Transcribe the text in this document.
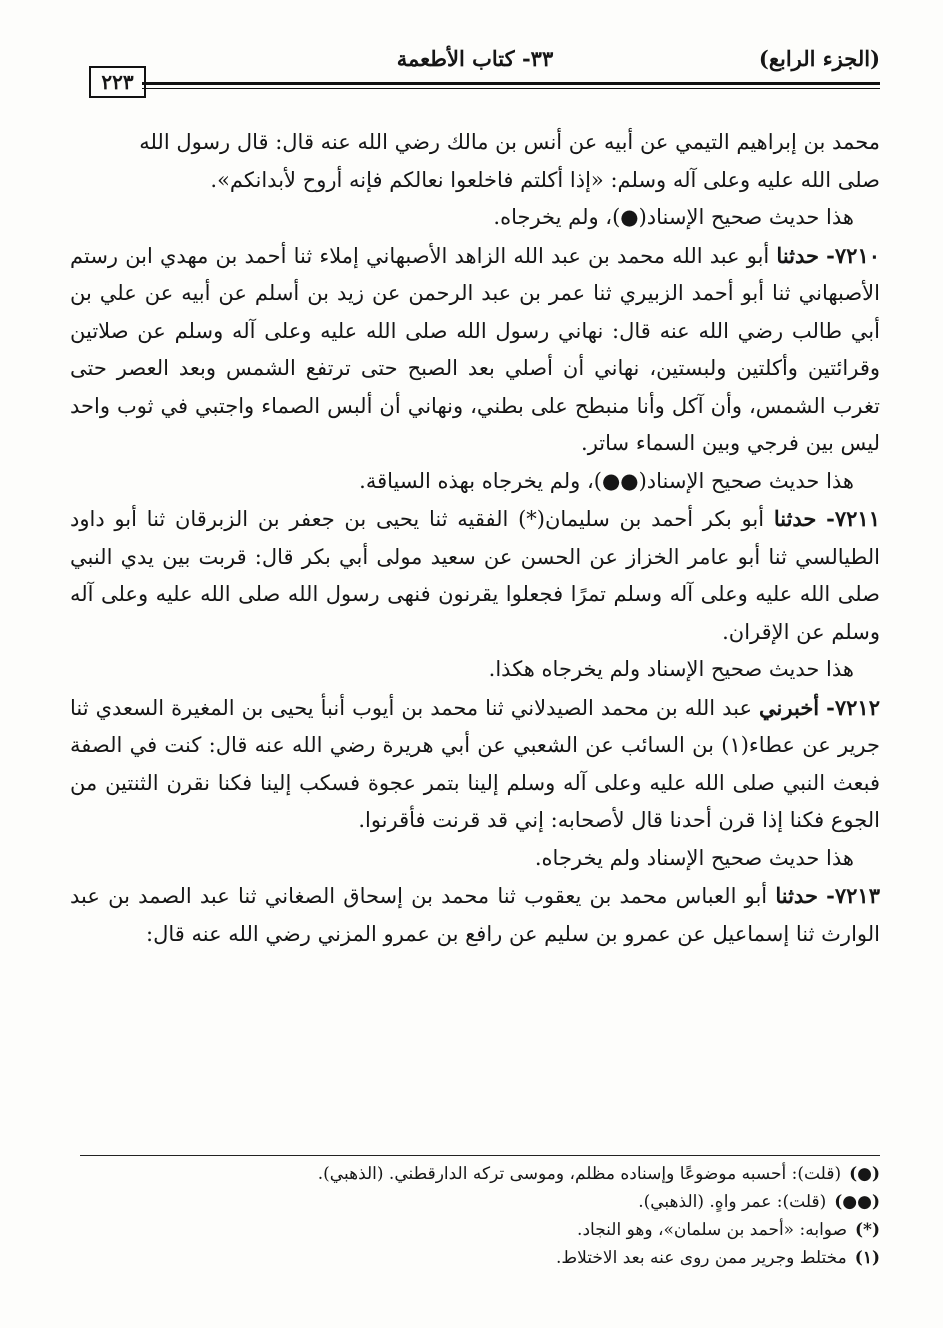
(الجزء الرابع)
٣٣- كتاب الأطعمة
٢٢٣

محمد بن إبراهيم التيمي عن أبيه عن أنس بن مالك رضي الله عنه قال: قال رسول الله

صلى الله عليه وعلى آله وسلم: «إذا أكلتم فاخلعوا نعالكم فإنه أروح لأبدانكم».

هذا حديث صحيح الإسناد(●)، ولم يخرجاه.

٧٢١٠- حدثنا أبو عبد الله محمد بن عبد الله الزاهد الأصبهاني إملاء ثنا أحمد بن مهدي ابن رستم الأصبهاني ثنا أبو أحمد الزبيري ثنا عمر بن عبد الرحمن عن زيد بن أسلم عن أبيه عن علي بن أبي طالب رضي الله عنه قال: نهاني رسول الله صلى الله عليه وعلى آله وسلم عن صلاتين وقرائتين وأكلتين ولبستين، نهاني أن أصلي بعد الصبح حتى ترتفع الشمس وبعد العصر حتى تغرب الشمس، وأن آكل وأنا منبطح على بطني، ونهاني أن ألبس الصماء واجتبي في ثوب واحد ليس بين فرجي وبين السماء ساتر.

هذا حديث صحيح الإسناد(●●)، ولم يخرجاه بهذه السياقة.

٧٢١١- حدثنا أبو بكر أحمد بن سليمان(*) الفقيه ثنا يحيى بن جعفر بن الزبرقان ثنا أبو داود الطيالسي ثنا أبو عامر الخزاز عن الحسن عن سعيد مولى أبي بكر قال: قربت بين يدي النبي صلى الله عليه وعلى آله وسلم تمرًا فجعلوا يقرنون فنهى رسول الله صلى الله عليه وعلى آله وسلم عن الإقران.

هذا حديث صحيح الإسناد ولم يخرجاه هكذا.

٧٢١٢- أخبرني عبد الله بن محمد الصيدلاني ثنا محمد بن أيوب أنبأ يحيى بن المغيرة السعدي ثنا جرير عن عطاء(١) بن السائب عن الشعبي عن أبي هريرة رضي الله عنه قال: كنت في الصفة فبعث النبي صلى الله عليه وعلى آله وسلم إلينا بتمر عجوة فسكب إلينا فكنا نقرن الثنتين من الجوع فكنا إذا قرن أحدنا قال لأصحابه: إني قد قرنت فأقرنوا.

هذا حديث صحيح الإسناد ولم يخرجاه.

٧٢١٣- حدثنا أبو العباس محمد بن يعقوب ثنا محمد بن إسحاق الصغاني ثنا عبد الصمد بن عبد الوارث ثنا إسماعيل عن عمرو بن سليم عن رافع بن عمرو المزني رضي الله عنه قال:

(●)(قلت): أحسبه موضوعًا وإسناده مظلم، وموسى تركه الدارقطني. (الذهبي).

(●●)(قلت): عمر واهٍ. (الذهبي).

(*)صوابه: «أحمد بن سلمان»، وهو النجاد.

(١)مختلط وجرير ممن روى عنه بعد الاختلاط.
